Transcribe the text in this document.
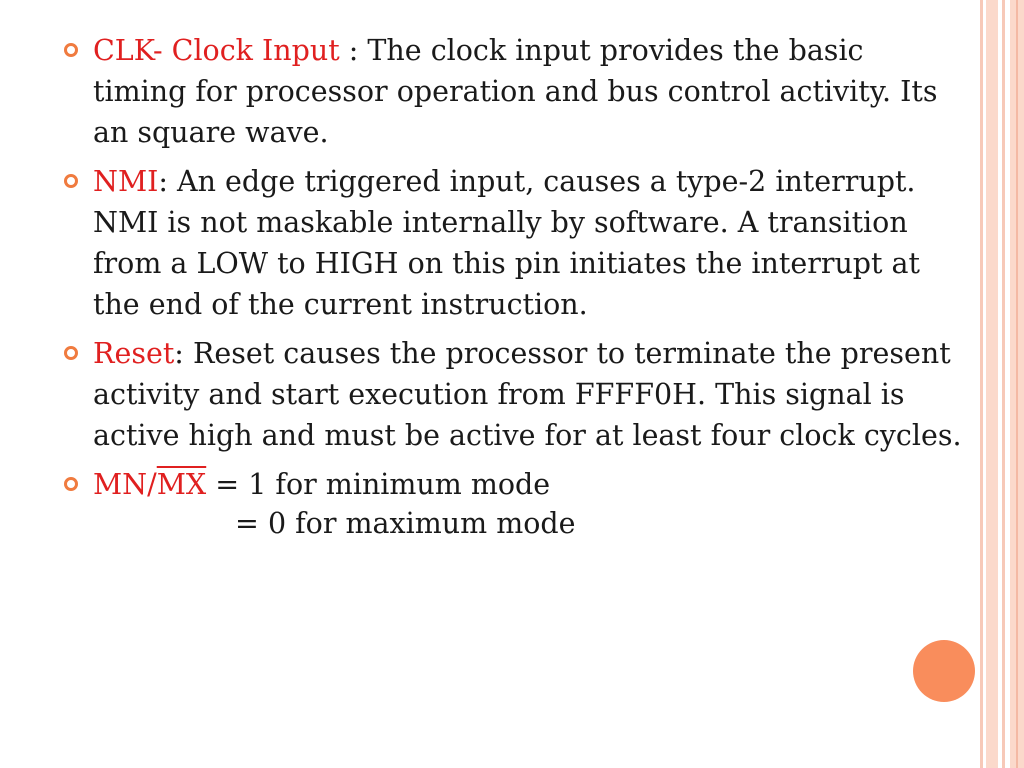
CLK- Clock Input : The clock input provides the basic timing for processor operation and bus control activity. Its an square wave.
NMI: An edge triggered input, causes a type-2 interrupt. NMI is not maskable internally by software. A transition from a LOW to HIGH on this pin initiates the interrupt at the end of the current instruction.
Reset: Reset causes the processor to terminate the present activity and start execution from FFFF0H. This signal is active high and must be active for at least four clock cycles.
$MN/\overline{MX} = 1$ for minimum mode
= 0 for maximum mode
